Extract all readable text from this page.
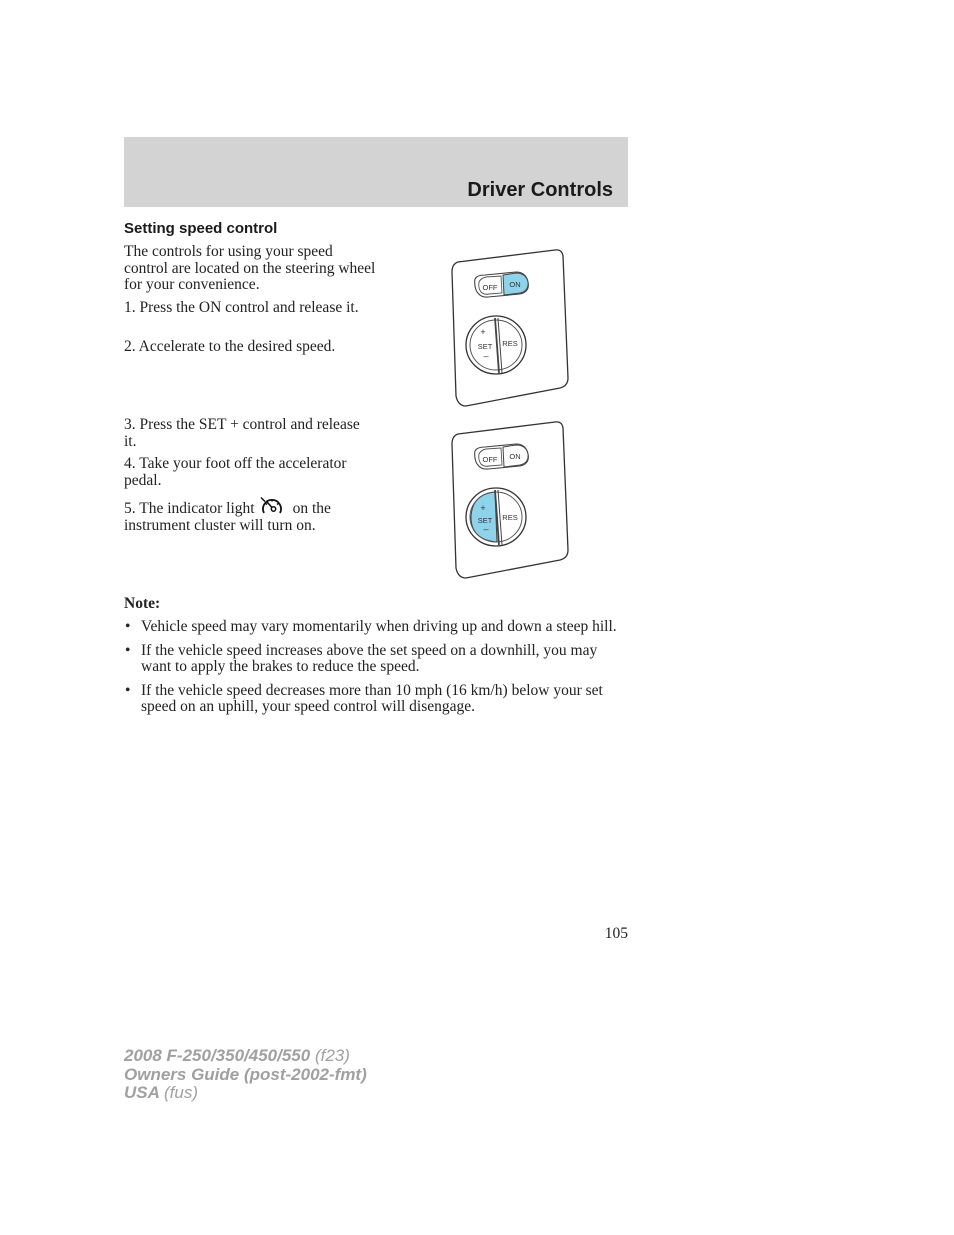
Driver Controls
Setting speed control

The controls for using your speed control are located on the steering wheel for your convenience.

1. Press the ON control and release it.

2. Accelerate to the desired speed.

3. Press the SET + control and release it.

4. Take your foot off the accelerator pedal.

5. The indicator light on the instrument cluster will turn on.

OFF ON
+
SET
–
RES
OFF ON
+
SET
–
RES
Note:
• Vehicle speed may vary momentarily when driving up and down a steep hill.
• If the vehicle speed increases above the set speed on a downhill, you may want to apply the brakes to reduce the speed.
• If the vehicle speed decreases more than 10 mph (16 km/h) below your set speed on an uphill, your speed control will disengage.
105
2008 F-250/350/450/550 (f23)
Owners Guide (post-2002-fmt)
USA (fus)
